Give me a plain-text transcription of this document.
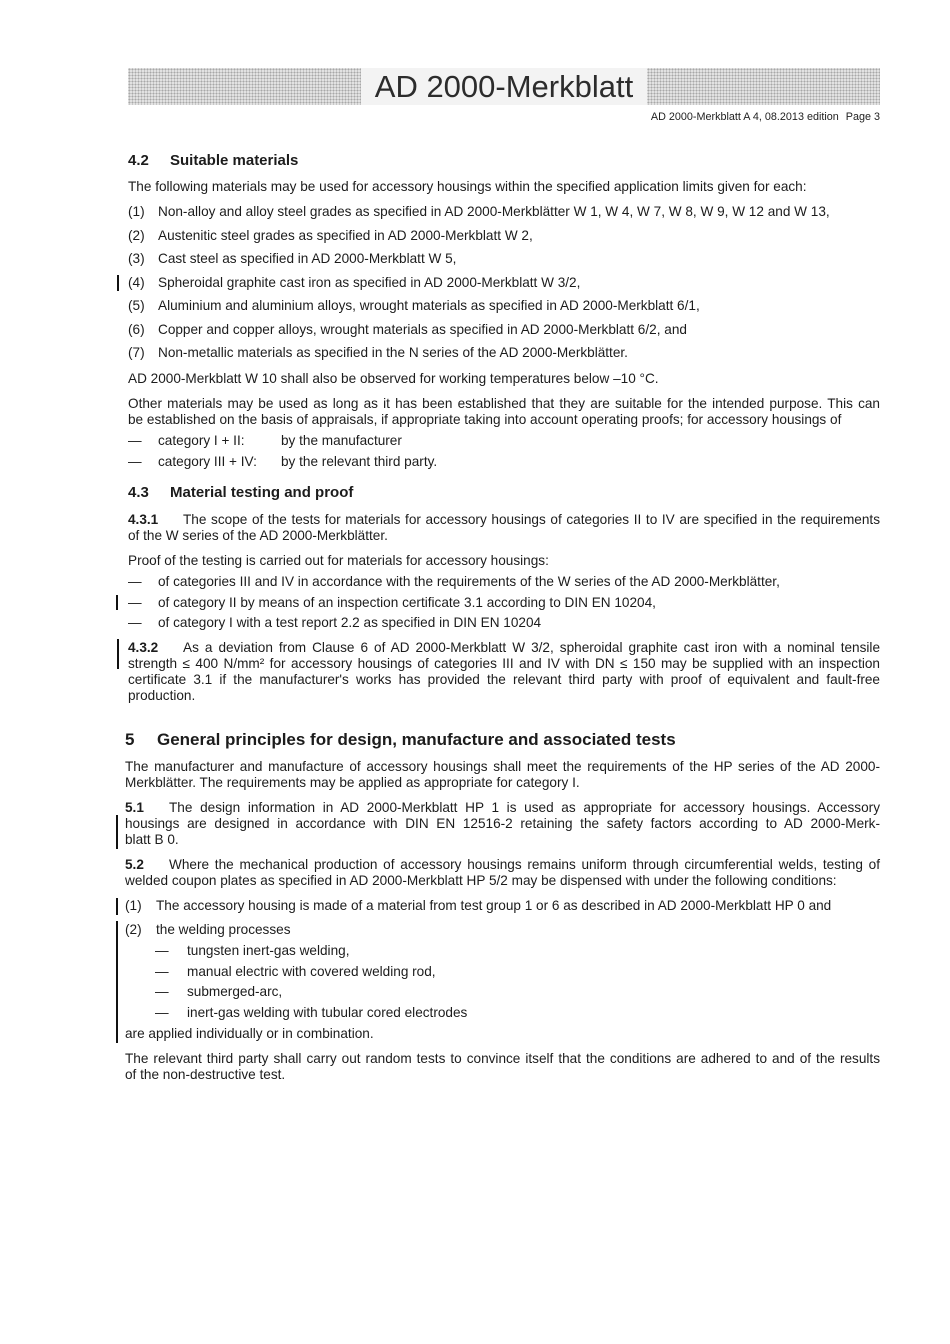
AD 2000-Merkblatt
AD 2000-Merkblatt A 4, 08.2013 edition Page 3
4.2 Suitable materials
The following materials may be used for accessory housings within the specified application limits given for each:
(1) Non-alloy and alloy steel grades as specified in AD 2000-Merkblätter W 1, W 4, W 7, W 8, W 9, W 12 and W 13,
(2) Austenitic steel grades as specified in AD 2000-Merkblatt W 2,
(3) Cast steel as specified in AD 2000-Merkblatt W 5,
(4) Spheroidal graphite cast iron as specified in AD 2000-Merkblatt W 3/2,
(5) Aluminium and aluminium alloys, wrought materials as specified in AD 2000-Merkblatt 6/1,
(6) Copper and copper alloys, wrought materials as specified in AD 2000-Merkblatt 6/2, and
(7) Non-metallic materials as specified in the N series of the AD 2000-Merkblätter.
AD 2000-Merkblatt W 10 shall also be observed for working temperatures below –10 °C.
Other materials may be used as long as it has been established that they are suitable for the intended purpose. This can
be established on the basis of appraisals, if appropriate taking into account operating proofs; for accessory housings of
—	category I + II:	by the manufacturer
—	category III + IV:	by the relevant third party.
4.3 Material testing and proof
4.3.1 The scope of the tests for materials for accessory housings of categories II to IV are specified in the requirements
of the W series of the AD 2000-Merkblätter.
Proof of the testing is carried out for materials for accessory housings:
—	of categories III and IV in accordance with the requirements of the W series of the AD 2000-Merkblätter,
—	of category II by means of an inspection certificate 3.1 according to DIN EN 10204,
—	of category I with a test report 2.2 as specified in DIN EN 10204
4.3.2 As a deviation from Clause 6 of AD 2000-Merkblatt W 3/2, spheroidal graphite cast iron with a nominal tensile
strength ≤ 400 N/mm² for accessory housings of categories III and IV with DN ≤ 150 may be supplied with an inspection
certificate 3.1 if the manufacturer's works has provided the relevant third party with proof of equivalent and fault-free
production.
5 General principles for design, manufacture and associated tests
The manufacturer and manufacture of accessory housings shall meet the requirements of the HP series of the AD 2000-
Merkblätter. The requirements may be applied as appropriate for category I.
5.1 The design information in AD 2000-Merkblatt HP 1 is used as appropriate for accessory housings. Accessory
housings are designed in accordance with DIN EN 12516-2 retaining the safety factors according to AD 2000-Merk-
blatt B 0.
5.2 Where the mechanical production of accessory housings remains uniform through circumferential welds, testing of
welded coupon plates as specified in AD 2000-Merkblatt HP 5/2 may be dispensed with under the following conditions:
(1)	The accessory housing is made of a material from test group 1 or 6 as described in AD 2000-Merkblatt HP 0 and
(2)	the welding processes
—	tungsten inert-gas welding,
—	manual electric with covered welding rod,
—	submerged-arc,
—	inert-gas welding with tubular cored electrodes
are applied individually or in combination.
The relevant third party shall carry out random tests to convince itself that the conditions are adhered to and of the results
of the non-destructive test.
